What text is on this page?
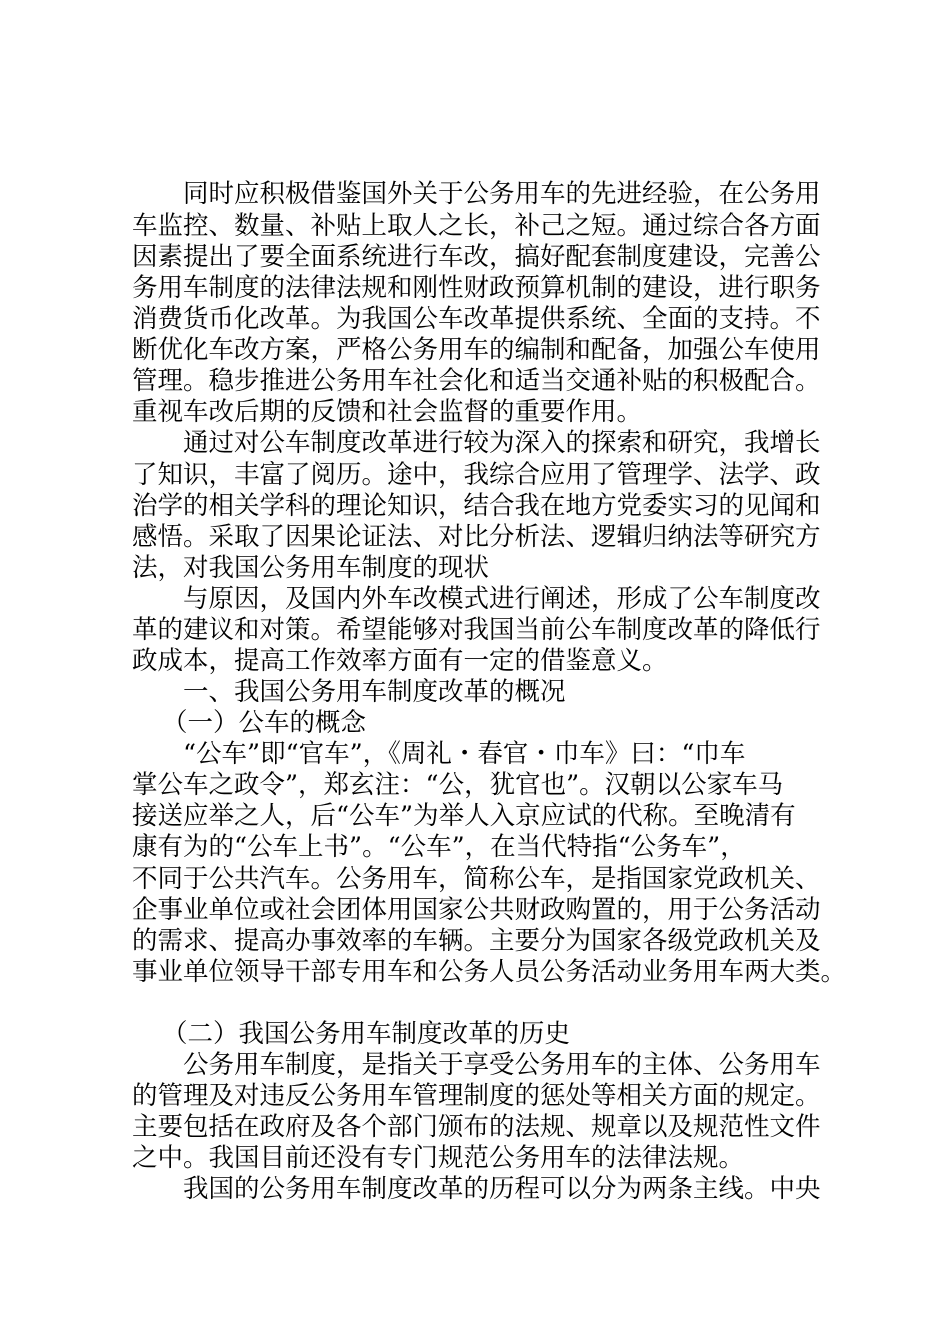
同时应积极借鉴国外关于公务用车的先进经验，在公务用
车监控、数量、补贴上取人之长，补己之短。通过综合各方面
因素提出了要全面系统进行车改，搞好配套制度建设，完善公
务用车制度的法律法规和刚性财政预算机制的建设，进行职务
消费货币化改革。为我国公车改革提供系统、全面的支持。不
断优化车改方案，严格公务用车的编制和配备，加强公车使用
管理。稳步推进公务用车社会化和适当交通补贴的积极配合。
重视车改后期的反馈和社会监督的重要作用。
通过对公车制度改革进行较为深入的探索和研究，我增长
了知识，丰富了阅历。途中，我综合应用了管理学、法学、政
治学的相关学科的理论知识，结合我在地方党委实习的见闻和
感悟。采取了因果论证法、对比分析法、逻辑归纳法等研究方
法，对我国公务用车制度的现状
与原因，及国内外车改模式进行阐述，形成了公车制度改
革的建议和对策。希望能够对我国当前公车制度改革的降低行
政成本，提高工作效率方面有一定的借鉴意义。
一、我国公务用车制度改革的概况
（一）公车的概念
“公车”即“官车”，《周礼・春官・巾车》曰：“巾车
掌公车之政令”，郑玄注：“公，犹官也”。汉朝以公家车马
接送应举之人，后“公车”为举人入京应试的代称。至晚清有
康有为的“公车上书”。“公车”，在当代特指“公务车”，
不同于公共汽车。公务用车，简称公车，是指国家党政机关、
企事业单位或社会团体用国家公共财政购置的，用于公务活动
的需求、提高办事效率的车辆。主要分为国家各级党政机关及
事业单位领导干部专用车和公务人员公务活动业务用车两大类。
（二）我国公务用车制度改革的历史
公务用车制度，是指关于享受公务用车的主体、公务用车
的管理及对违反公务用车管理制度的惩处等相关方面的规定。
主要包括在政府及各个部门颁布的法规、规章以及规范性文件
之中。我国目前还没有专门规范公务用车的法律法规。
我国的公务用车制度改革的历程可以分为两条主线。中央
